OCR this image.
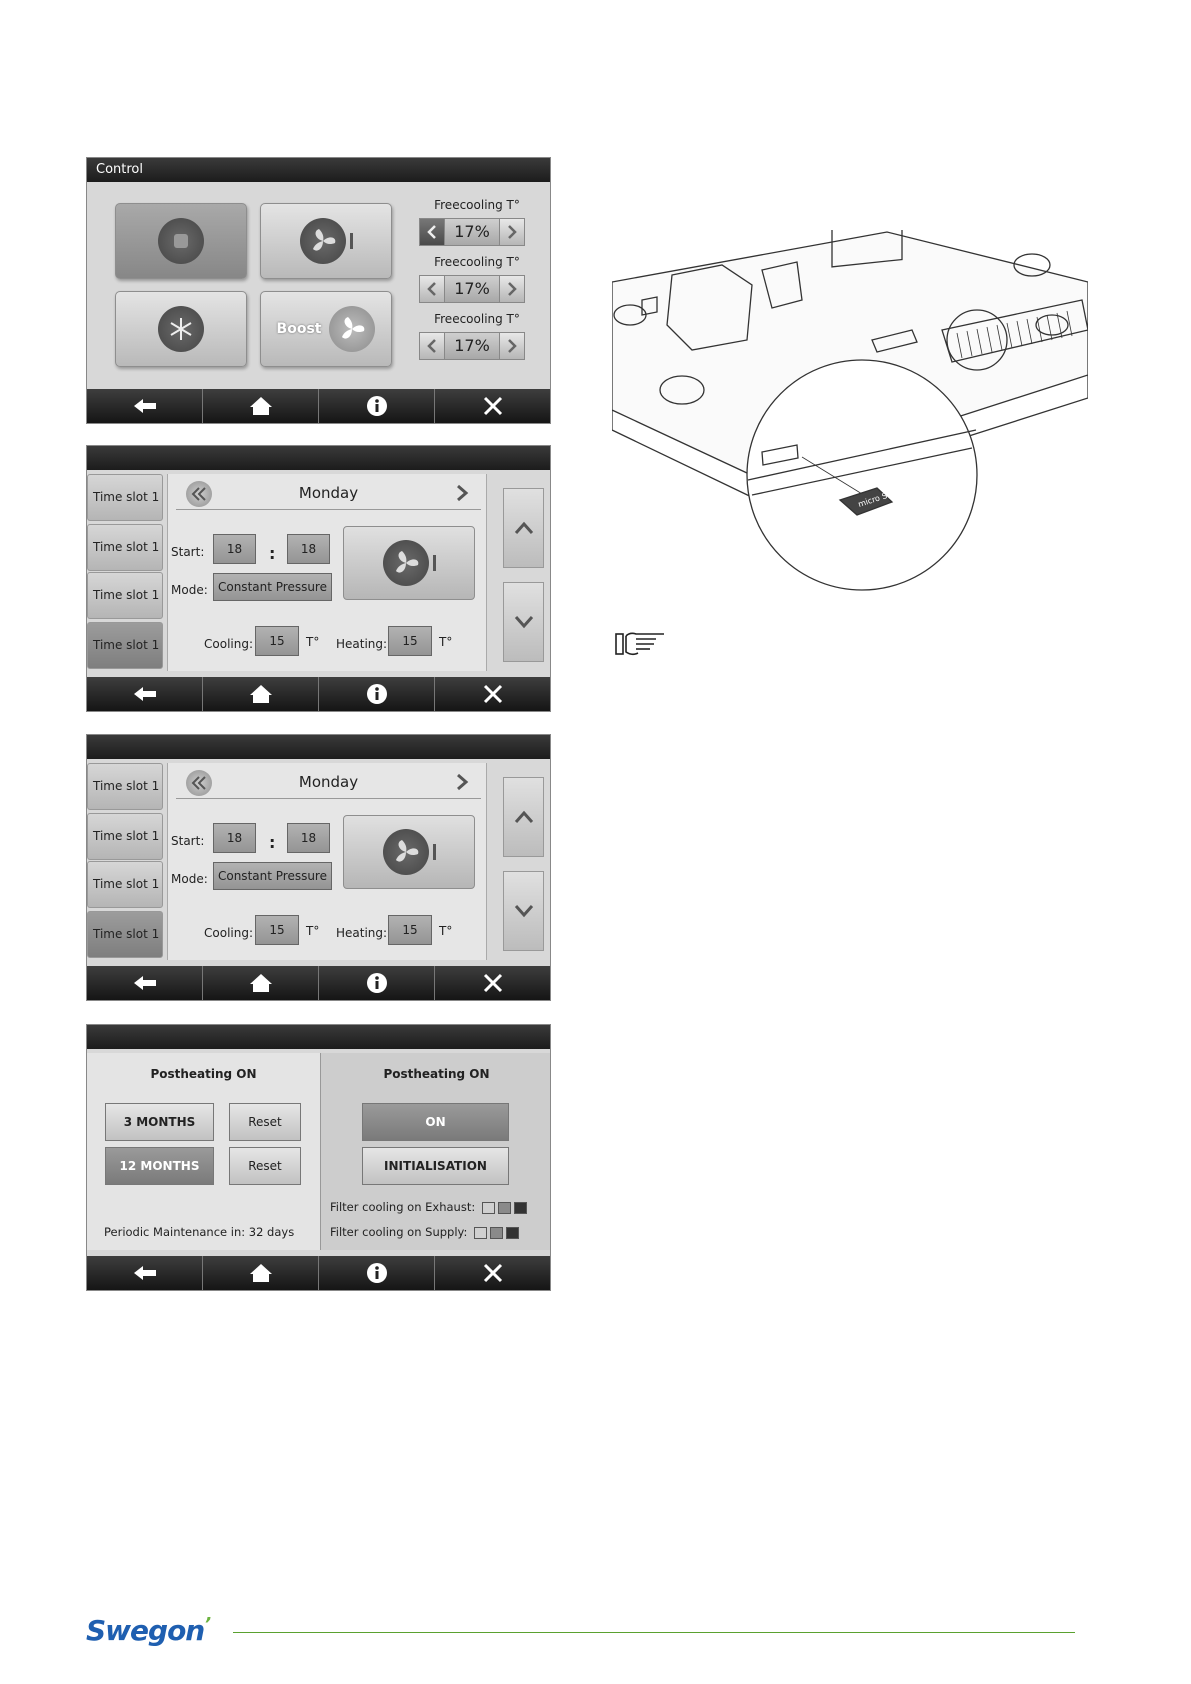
Control
Boost
Freecooling T°
17%
Freecooling T°
17%
Freecooling T°
17%
Time slot 1
Time slot 1
Time slot 1
Time slot 1
Monday
Start:	18	:	18
Mode: Constant Pressure
Cooling:	15	T° Heating:	15	T°
Time slot 1
Time slot 1
Time slot 1
Time slot 1
Monday
Start:	18	:	18
Mode: Constant Pressure
Cooling:	15	T° Heating:	15	T°
Postheating ON
3 MONTHS	Reset
12 MONTHS	Reset
Periodic Maintenance in: 32 days
Postheating ON
ON
INITIALISATION
Filter cooling on Exhaust:
Filter cooling on Supply:
micro SD
Swegon’
